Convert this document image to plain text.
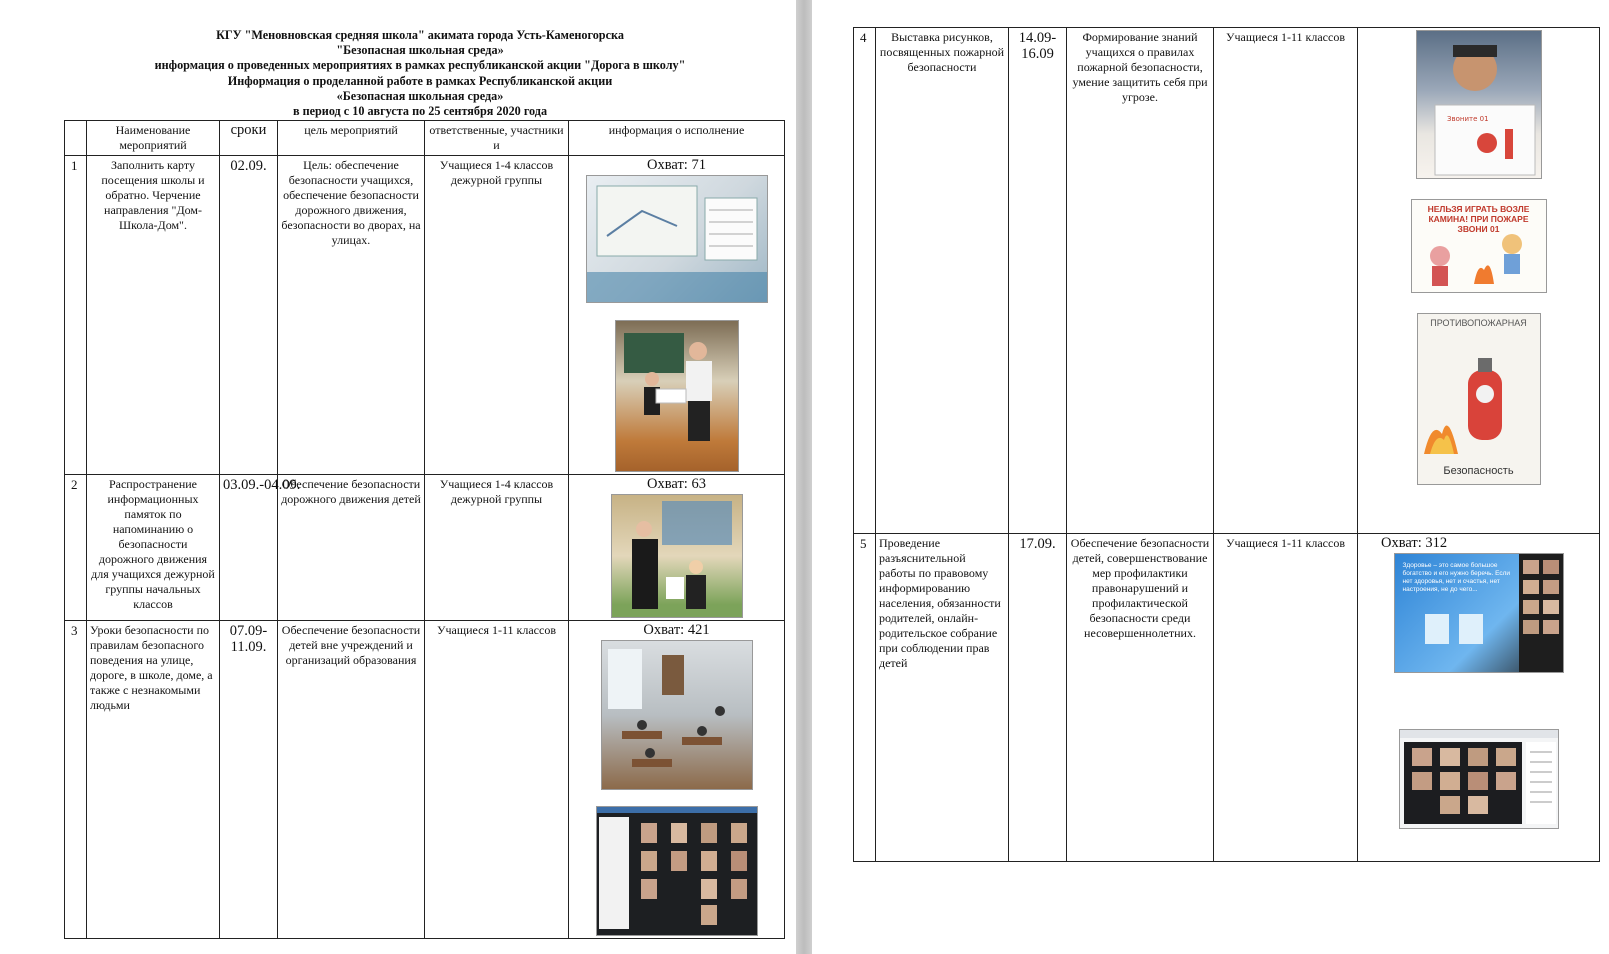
КГУ "Меновновская средняя школа" акимата города Усть-Каменогорска
"Безопасная школьная среда»
информация о проведенных мероприятиях в рамках республиканской акции "Дорога в школу"
Информация о проделанной работе в рамках Республиканской акции
«Безопасная школьная среда»
в период с 10 августа по 25 сентября 2020 года
	Наименование мероприятий	сроки	цель мероприятий	ответственные, участники и	информация о исполнение
1	Заполнить карту посещения школы и обратно. Черчение направления "Дом-Школа-Дом".	02.09.	Цель: обеспечение безопасности учащихся, обеспечение безопасности дорожного движения, безопасности во дворах, на улицах.	Учащиеся 1-4 классов дежурной группы	Охват: 71

2	Распространение информационных памяток по напоминанию о безопасности дорожного движения для учащихся дежурной группы начальных классов	03.09.-04.09.	Обеспечение безопасности дорожного движения детей	Учащиеся 1-4 классов дежурной группы	Охват: 63

3	Уроки безопасности по правилам безопасного поведения на улице, дороге, в школе, доме, а также с незнакомыми людьми	07.09-11.09.	Обеспечение безопасности детей вне учреждений и организаций образования	Учащиеся 1-11 классов	Охват: 421
4	Выставка рисунков, посвященных пожарной безопасности	14.09-16.09	Формирование знаний учащихся о правилах пожарной безопасности, умение защитить себя при угрозе.	Учащиеся 1-11 классов	Звоните 01
НЕЛЬЗЯ ИГРАТЬ ВОЗЛЕ КАМИНА! ПРИ ПОЖАРЕ ЗВОНИ 01
ПРОТИВОПОЖАРНАЯ
Безопасность

5	Проведение разъяснительной работы по правовому информированию населения, обязанности родителей, онлайн-родительское собрание при соблюдении прав детей	17.09.	Обеспечение безопасности детей, совершенствование мер профилактики правонарушений и профилактической безопасности среди несовершеннолетних.	Учащиеся 1-11 классов	Охват: 312
Здоровье – это самое большое богатство и его нужно беречь. Если нет здоровья, нет и счастья, нет настроения, не до чего...
